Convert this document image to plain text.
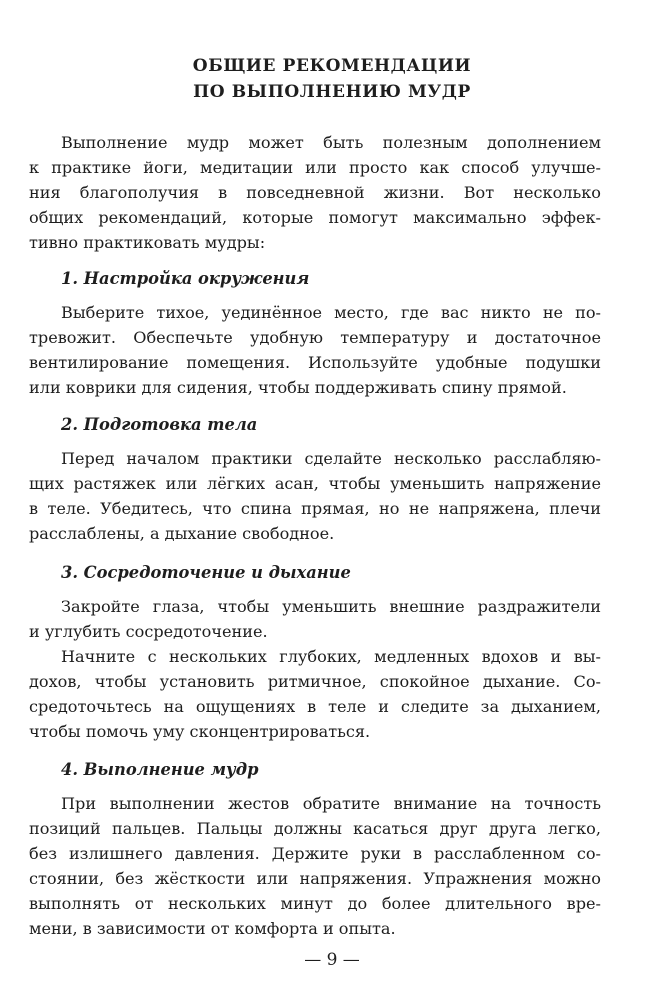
ОБЩИЕ РЕКОМЕНДАЦИИ
ПО ВЫПОЛНЕНИЮ МУДР
Выполнение мудр может быть полезным дополнением
к практике йоги, медитации или просто как способ улучше-
ния благополучия в повседневной жизни. Вот несколько
общих рекомендаций, которые помогут максимально эффек-
тивно практиковать мудры:
1. Настройка окружения
Выберите тихое, уединённое место, где вас никто не по-
тревожит. Обеспечьте удобную температуру и достаточное
вентилирование помещения. Используйте удобные подушки
или коврики для сидения, чтобы поддерживать спину прямой.
2. Подготовка тела
Перед началом практики сделайте несколько расслабляю-
щих растяжек или лёгких асан, чтобы уменьшить напряжение
в теле. Убедитесь, что спина прямая, но не напряжена, плечи
расслаблены, а дыхание свободное.
3. Сосредоточение и дыхание
Закройте глаза, чтобы уменьшить внешние раздражители
и углубить сосредоточение.
Начните с нескольких глубоких, медленных вдохов и вы-
дохов, чтобы установить ритмичное, спокойное дыхание. Со-
средоточьтесь на ощущениях в теле и следите за дыханием,
чтобы помочь уму сконцентрироваться.
4. Выполнение мудр
При выполнении жестов обратите внимание на точность
позиций пальцев. Пальцы должны касаться друг друга легко,
без излишнего давления. Держите руки в расслабленном со-
стоянии, без жёсткости или напряжения. Упражнения можно
выполнять от нескольких минут до более длительного вре-
мени, в зависимости от комфорта и опыта.
— 9 —
